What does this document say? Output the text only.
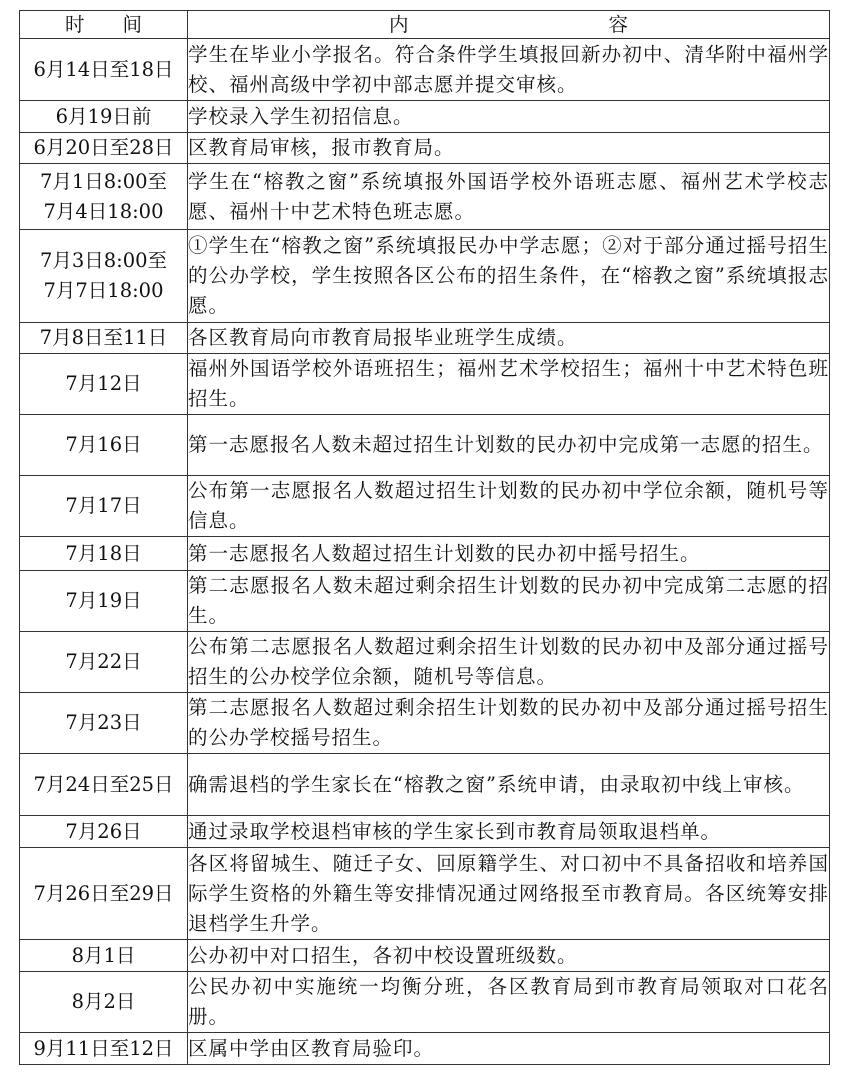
时间	内容
6月14日至18日	学生在毕业小学报名。符合条件学生填报回新办初中、清华附中福州学校、福州高级中学初中部志愿并提交审核。
6月19日前	学校录入学生初招信息。
6月20日至28日	区教育局审核，报市教育局。

7月1日8:00至
7月4日18:00	学生在“榕教之窗”系统填报外国语学校外语班志愿、福州艺术学校志愿、福州十中艺术特色班志愿。

7月3日8:00至
7月7日18:00	①学生在“榕教之窗”系统填报民办中学志愿；②对于部分通过摇号招生的公办学校，学生按照各区公布的招生条件，在“榕教之窗”系统填报志愿。
7月8日至11日	各区教育局向市教育局报毕业班学生成绩。
7月12日	福州外国语学校外语班招生；福州艺术学校招生；福州十中艺术特色班招生。
7月16日	第一志愿报名人数未超过招生计划数的民办初中完成第一志愿的招生。
7月17日	公布第一志愿报名人数超过招生计划数的民办初中学位余额，随机号等信息。
7月18日	第一志愿报名人数超过招生计划数的民办初中摇号招生。
7月19日	第二志愿报名人数未超过剩余招生计划数的民办初中完成第二志愿的招生。
7月22日	公布第二志愿报名人数超过剩余招生计划数的民办初中及部分通过摇号招生的公办校学位余额，随机号等信息。
7月23日	第二志愿报名人数超过剩余招生计划数的民办初中及部分通过摇号招生的公办学校摇号招生。
7月24日至25日	确需退档的学生家长在“榕教之窗”系统申请，由录取初中线上审核。
7月26日	通过录取学校退档审核的学生家长到市教育局领取退档单。
7月26日至29日	各区将留城生、随迁子女、回原籍学生、对口初中不具备招收和培养国际学生资格的外籍生等安排情况通过网络报至市教育局。各区统筹安排退档学生升学。
8月1日	公办初中对口招生，各初中校设置班级数。
8月2日	公民办初中实施统一均衡分班，各区教育局到市教育局领取对口花名册。
9月11日至12日	区属中学由区教育局验印。
